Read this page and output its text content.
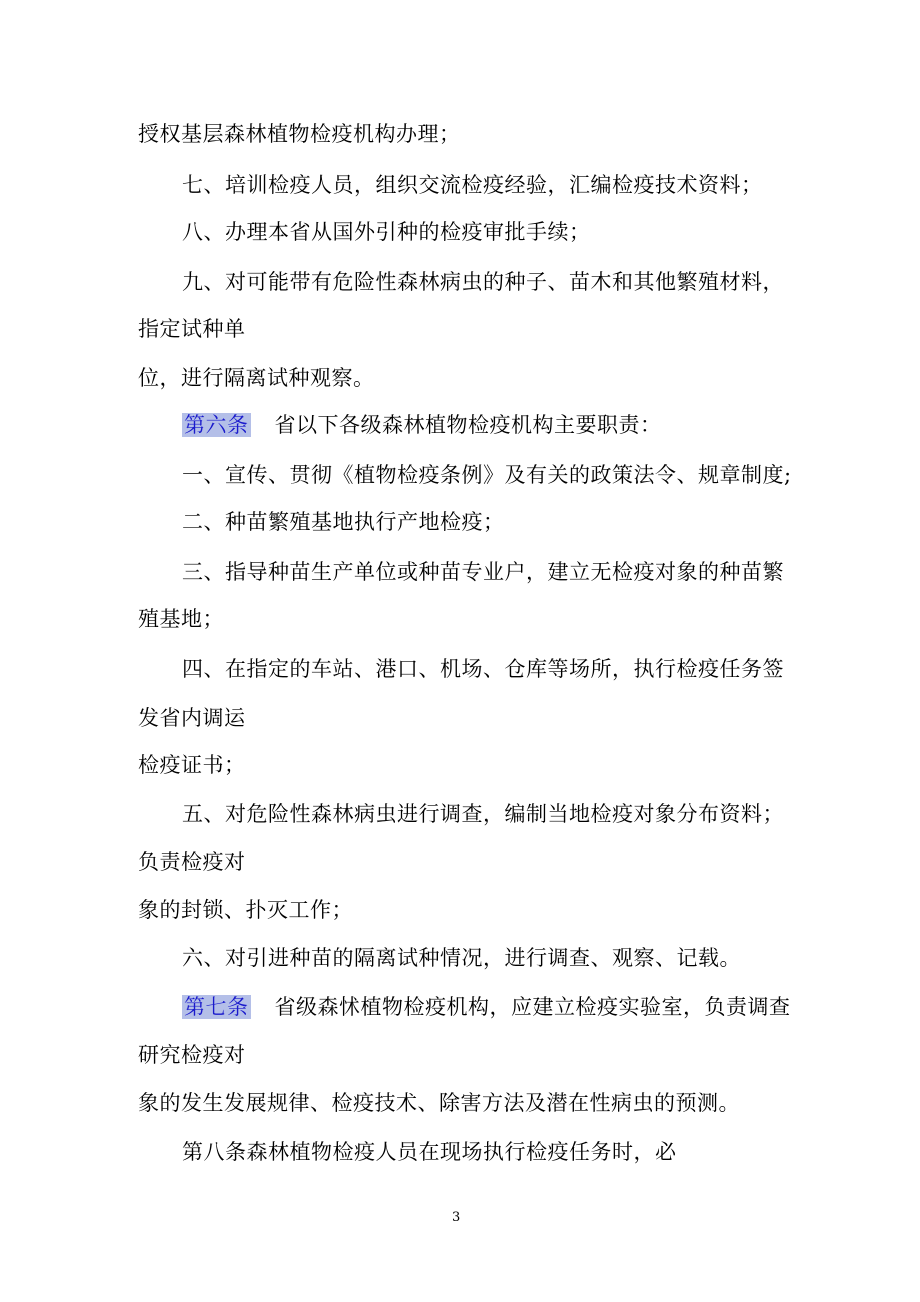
授权基层森林植物检疫机构办理；
七、培训检疫人员，组织交流检疫经验，汇编检疫技术资料；
八、办理本省从国外引种的检疫审批手续；
九、对可能带有危险性森林病虫的种子、苗木和其他繁殖材料，
指定试种单
位，进行隔离试种观察。
第六条 省以下各级森林植物检疫机构主要职责：
一、宣传、贯彻《植物检疫条例》及有关的政策法令、规章制度;
二、种苗繁殖基地执行产地检疫；
三、指导种苗生产单位或种苗专业户，建立无检疫对象的种苗繁
殖基地；
四、在指定的车站、港口、机场、仓库等场所，执行检疫任务签
发省内调运
检疫证书；
五、对危险性森林病虫进行调查，编制当地检疫对象分布资料；
负责检疫对
象的封锁、扑灭工作；
六、对引进种苗的隔离试种情况，进行调查、观察、记载。
第七条 省级森怵植物检疫机构，应建立检疫实验室，负责调查
研究检疫对
象的发生发展规律、检疫技术、除害方法及潜在性病虫的预测。
第八条森林植物检疫人员在现场执行检疫任务时，必
3
